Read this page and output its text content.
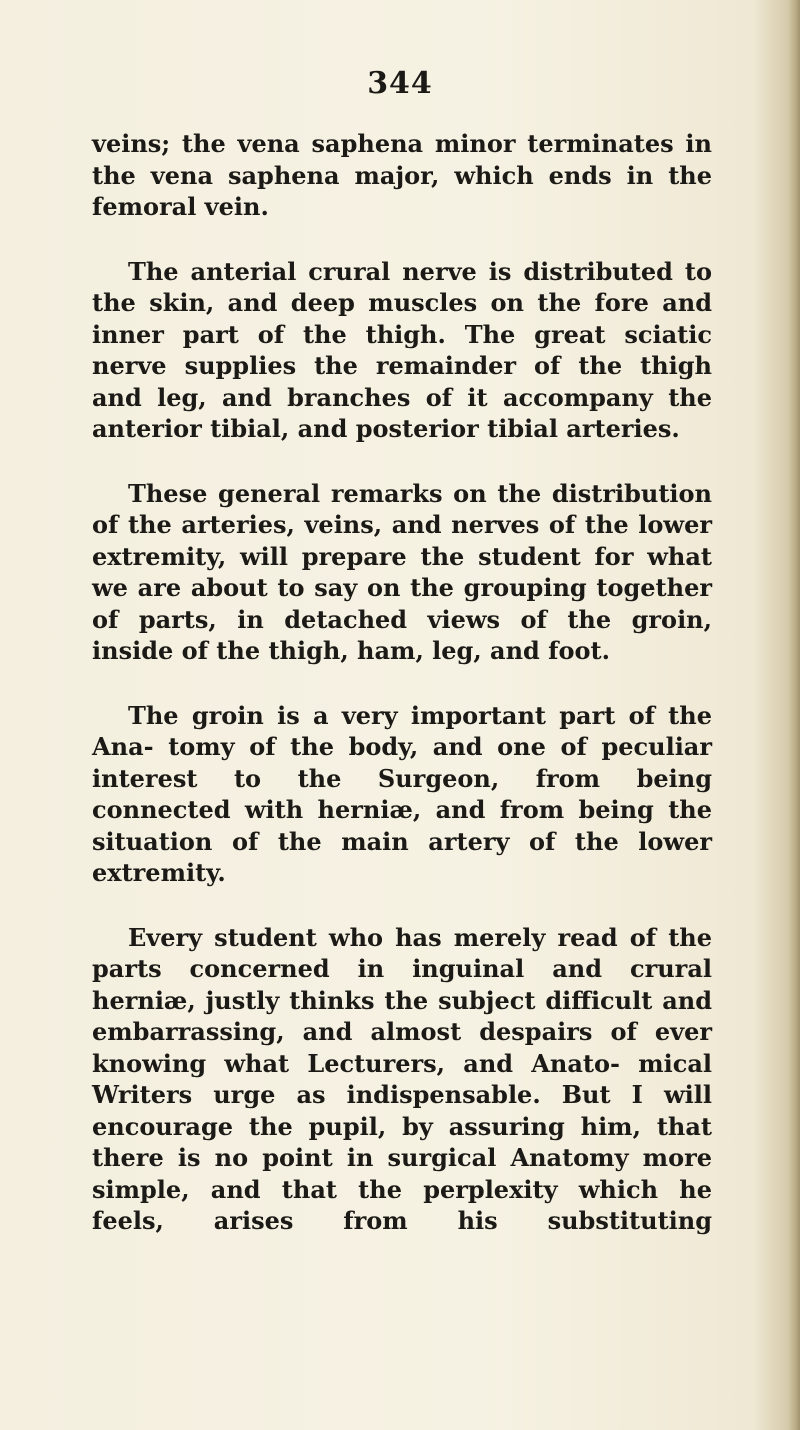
344

veins; the vena saphena minor terminates in the vena saphena major, which ends in the femoral vein.

The anterial crural nerve is distributed to the skin, and deep muscles on the fore and inner part of the thigh. The great sciatic nerve supplies the remainder of the thigh and leg, and branches of it accompany the anterior tibial, and posterior tibial arteries.

These general remarks on the distribution of the arteries, veins, and nerves of the lower extremity, will prepare the student for what we are about to say on the grouping together of parts, in detached views of the groin, inside of the thigh, ham, leg, and foot.

The groin is a very important part of the Ana- tomy of the body, and one of peculiar interest to the Surgeon, from being connected with herniæ, and from being the situation of the main artery of the lower extremity.

Every student who has merely read of the parts concerned in inguinal and crural herniæ, justly thinks the subject difficult and embarrassing, and almost despairs of ever knowing what Lecturers, and Anato- mical Writers urge as indispensable. But I will encourage the pupil, by assuring him, that there is no point in surgical Anatomy more simple, and that the perplexity which he feels, arises from his substituting
